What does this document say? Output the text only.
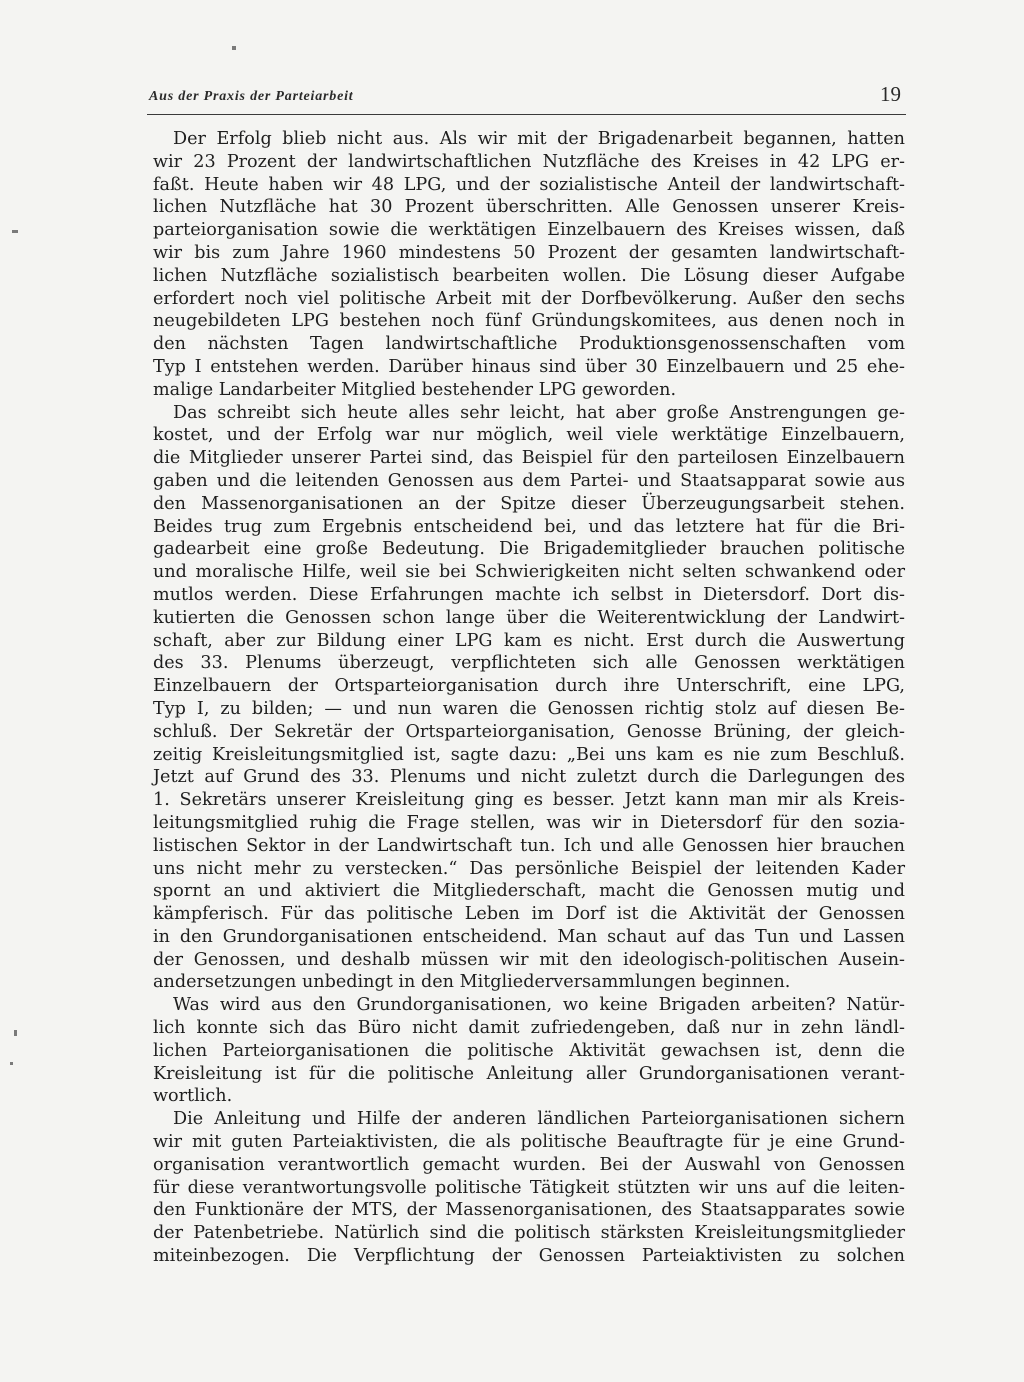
Aus der Praxis der Parteiarbeit	19
Der Erfolg blieb nicht aus. Als wir mit der Brigadenarbeit begannen, hatten
wir 23 Prozent der landwirtschaftlichen Nutzfläche des Kreises in 42 LPG er-
faßt. Heute haben wir 48 LPG, und der sozialistische Anteil der landwirtschaft-
lichen Nutzfläche hat 30 Prozent überschritten. Alle Genossen unserer Kreis-
parteiorganisation sowie die werktätigen Einzelbauern des Kreises wissen, daß
wir bis zum Jahre 1960 mindestens 50 Prozent der gesamten landwirtschaft-
lichen Nutzfläche sozialistisch bearbeiten wollen. Die Lösung dieser Aufgabe
erfordert noch viel politische Arbeit mit der Dorfbevölkerung. Außer den sechs
neugebildeten LPG bestehen noch fünf Gründungskomitees, aus denen noch in
den nächsten Tagen landwirtschaftliche Produktionsgenossenschaften vom
Typ I entstehen werden. Darüber hinaus sind über 30 Einzelbauern und 25 ehe-
malige Landarbeiter Mitglied bestehender LPG geworden.
Das schreibt sich heute alles sehr leicht, hat aber große Anstrengungen ge-
kostet, und der Erfolg war nur möglich, weil viele werktätige Einzelbauern,
die Mitglieder unserer Partei sind, das Beispiel für den parteilosen Einzelbauern
gaben und die leitenden Genossen aus dem Partei- und Staatsapparat sowie aus
den Massenorganisationen an der Spitze dieser Überzeugungsarbeit stehen.
Beides trug zum Ergebnis entscheidend bei, und das letztere hat für die Bri-
gadearbeit eine große Bedeutung. Die Brigademitglieder brauchen politische
und moralische Hilfe, weil sie bei Schwierigkeiten nicht selten schwankend oder
mutlos werden. Diese Erfahrungen machte ich selbst in Dietersdorf. Dort dis-
kutierten die Genossen schon lange über die Weiterentwicklung der Landwirt-
schaft, aber zur Bildung einer LPG kam es nicht. Erst durch die Auswertung
des 33. Plenums überzeugt, verpflichteten sich alle Genossen werktätigen
Einzelbauern der Ortsparteiorganisation durch ihre Unterschrift, eine LPG,
Typ I, zu bilden; — und nun waren die Genossen richtig stolz auf diesen Be-
schluß. Der Sekretär der Ortsparteiorganisation, Genosse Brüning, der gleich-
zeitig Kreisleitungsmitglied ist, sagte dazu: „Bei uns kam es nie zum Beschluß.
Jetzt auf Grund des 33. Plenums und nicht zuletzt durch die Darlegungen des
1. Sekretärs unserer Kreisleitung ging es besser. Jetzt kann man mir als Kreis-
leitungsmitglied ruhig die Frage stellen, was wir in Dietersdorf für den sozia-
listischen Sektor in der Landwirtschaft tun. Ich und alle Genossen hier brauchen
uns nicht mehr zu verstecken.“ Das persönliche Beispiel der leitenden Kader
spornt an und aktiviert die Mitgliederschaft, macht die Genossen mutig und
kämpferisch. Für das politische Leben im Dorf ist die Aktivität der Genossen
in den Grundorganisationen entscheidend. Man schaut auf das Tun und Lassen
der Genossen, und deshalb müssen wir mit den ideologisch-politischen Ausein-
andersetzungen unbedingt in den Mitgliederversammlungen beginnen.
Was wird aus den Grundorganisationen, wo keine Brigaden arbeiten? Natür-
lich konnte sich das Büro nicht damit zufriedengeben, daß nur in zehn ländl-
lichen Parteiorganisationen die politische Aktivität gewachsen ist, denn die
Kreisleitung ist für die politische Anleitung aller Grundorganisationen verant-
wortlich.
Die Anleitung und Hilfe der anderen ländlichen Parteiorganisationen sichern
wir mit guten Parteiaktivisten, die als politische Beauftragte für je eine Grund-
organisation verantwortlich gemacht wurden. Bei der Auswahl von Genossen
für diese verantwortungsvolle politische Tätigkeit stützten wir uns auf die leiten-
den Funktionäre der MTS, der Massenorganisationen, des Staatsapparates sowie
der Patenbetriebe. Natürlich sind die politisch stärksten Kreisleitungsmitglieder
miteinbezogen. Die Verpflichtung der Genossen Parteiaktivisten zu solchen
